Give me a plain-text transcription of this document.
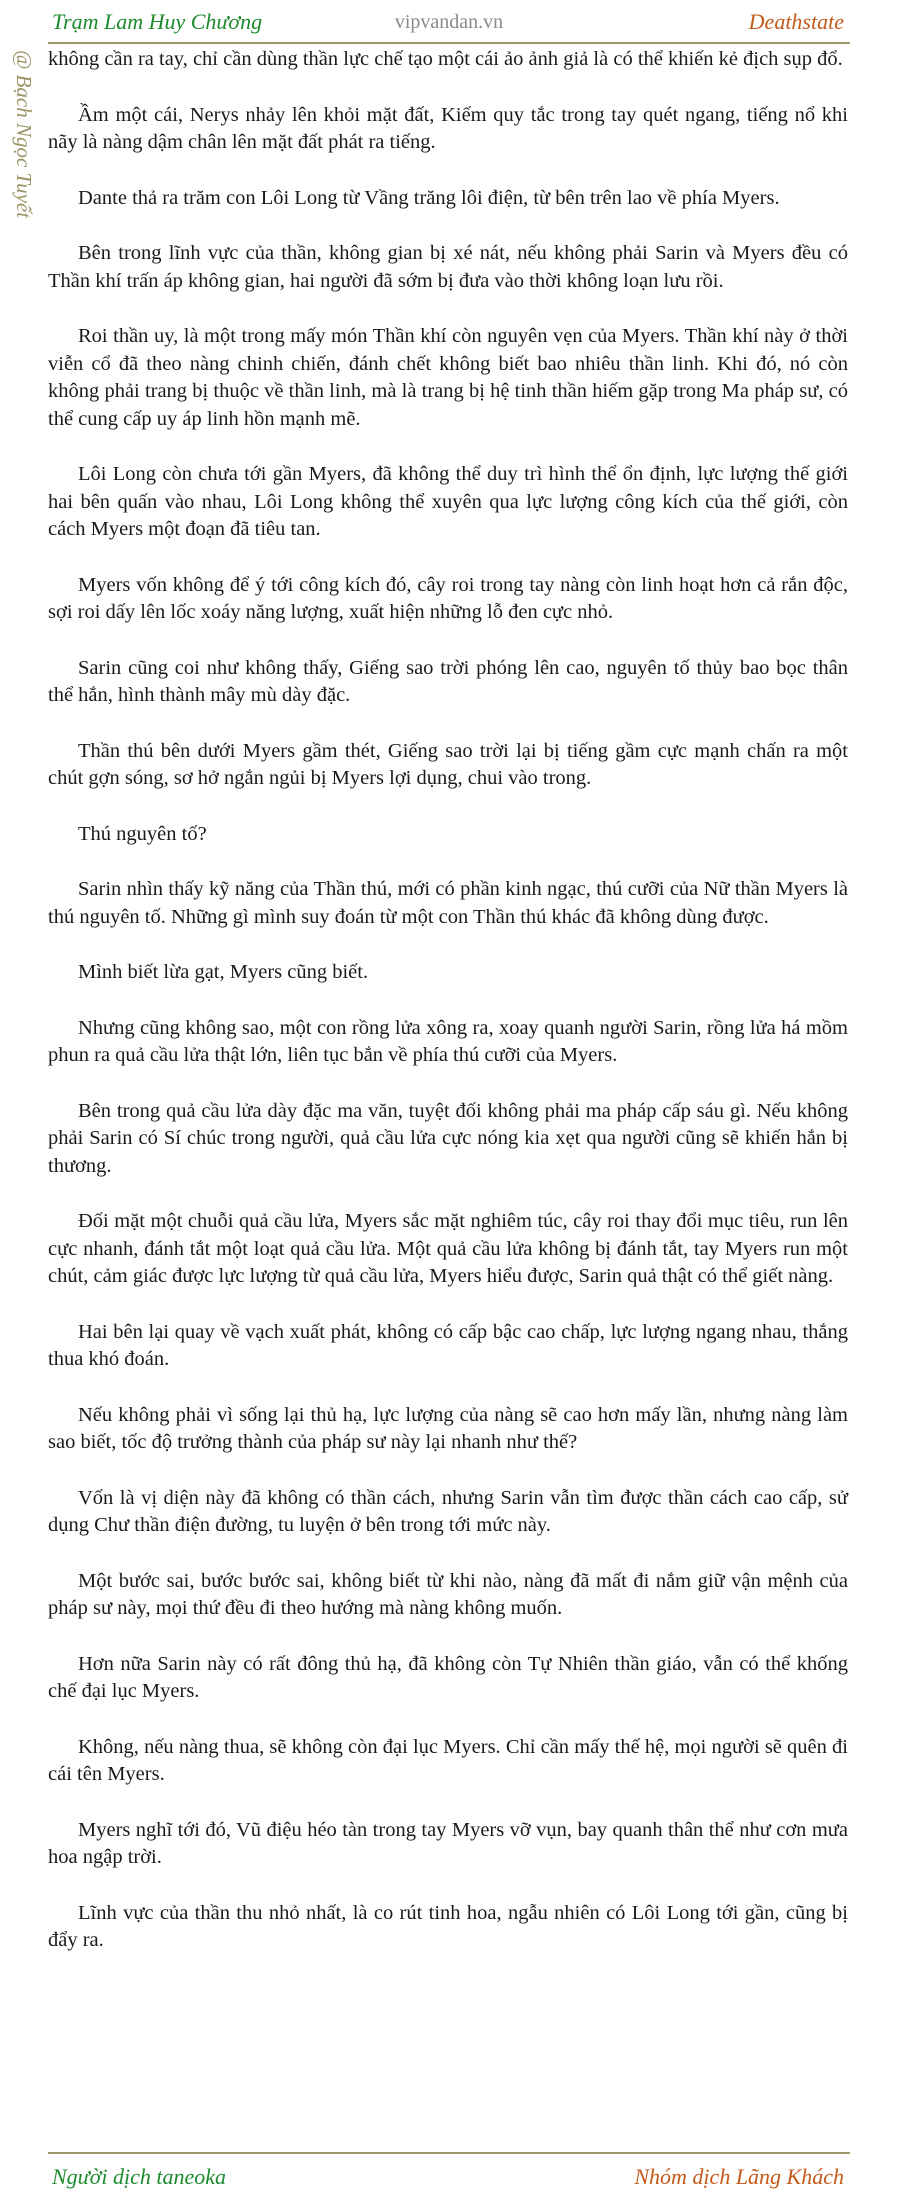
Trạm Lam Huy Chương	vipvandan.vn	Deathstate
@ Bạch Ngọc Tuyết không cần ra tay, chỉ cần dùng thần lực chế tạo một cái ảo ảnh giả là có thể khiến kẻ địch sụp đổ.

Ầm một cái, Nerys nhảy lên khỏi mặt đất, Kiếm quy tắc trong tay quét ngang, tiếng nổ khi nãy là nàng dậm chân lên mặt đất phát ra tiếng.

Dante thả ra trăm con Lôi Long từ Vầng trăng lôi điện, từ bên trên lao về phía Myers.

Bên trong lĩnh vực của thần, không gian bị xé nát, nếu không phải Sarin và Myers đều có Thần khí trấn áp không gian, hai người đã sớm bị đưa vào thời không loạn lưu rồi.

Roi thần uy, là một trong mấy món Thần khí còn nguyên vẹn của Myers. Thần khí này ở thời viễn cổ đã theo nàng chinh chiến, đánh chết không biết bao nhiêu thần linh. Khi đó, nó còn không phải trang bị thuộc về thần linh, mà là trang bị hệ tinh thần hiếm gặp trong Ma pháp sư, có thể cung cấp uy áp linh hồn mạnh mẽ.

Lôi Long còn chưa tới gần Myers, đã không thể duy trì hình thể ổn định, lực lượng thế giới hai bên quấn vào nhau, Lôi Long không thể xuyên qua lực lượng công kích của thế giới, còn cách Myers một đoạn đã tiêu tan.

Myers vốn không để ý tới công kích đó, cây roi trong tay nàng còn linh hoạt hơn cả rắn độc, sợi roi dấy lên lốc xoáy năng lượng, xuất hiện những lỗ đen cực nhỏ.

Sarin cũng coi như không thấy, Giếng sao trời phóng lên cao, nguyên tố thủy bao bọc thân thể hắn, hình thành mây mù dày đặc.

Thần thú bên dưới Myers gầm thét, Giếng sao trời lại bị tiếng gầm cực mạnh chấn ra một chút gợn sóng, sơ hở ngắn ngủi bị Myers lợi dụng, chui vào trong.

Thú nguyên tố?

Sarin nhìn thấy kỹ năng của Thần thú, mới có phần kinh ngạc, thú cưỡi của Nữ thần Myers là thú nguyên tố. Những gì mình suy đoán từ một con Thần thú khác đã không dùng được.

Mình biết lừa gạt, Myers cũng biết.

Nhưng cũng không sao, một con rồng lửa xông ra, xoay quanh người Sarin, rồng lửa há mồm phun ra quả cầu lửa thật lớn, liên tục bắn về phía thú cưỡi của Myers.

Bên trong quả cầu lửa dày đặc ma văn, tuyệt đối không phải ma pháp cấp sáu gì. Nếu không phải Sarin có Sí chúc trong người, quả cầu lửa cực nóng kia xẹt qua người cũng sẽ khiến hắn bị thương.

Đối mặt một chuỗi quả cầu lửa, Myers sắc mặt nghiêm túc, cây roi thay đổi mục tiêu, run lên cực nhanh, đánh tắt một loạt quả cầu lửa. Một quả cầu lửa không bị đánh tắt, tay Myers run một chút, cảm giác được lực lượng từ quả cầu lửa, Myers hiểu được, Sarin quả thật có thể giết nàng.

Hai bên lại quay về vạch xuất phát, không có cấp bậc cao chấp, lực lượng ngang nhau, thắng thua khó đoán.

Nếu không phải vì sống lại thủ hạ, lực lượng của nàng sẽ cao hơn mấy lần, nhưng nàng làm sao biết, tốc độ trưởng thành của pháp sư này lại nhanh như thế?

Vốn là vị diện này đã không có thần cách, nhưng Sarin vẫn tìm được thần cách cao cấp, sử dụng Chư thần điện đường, tu luyện ở bên trong tới mức này.

Một bước sai, bước bước sai, không biết từ khi nào, nàng đã mất đi nắm giữ vận mệnh của pháp sư này, mọi thứ đều đi theo hướng mà nàng không muốn.

Hơn nữa Sarin này có rất đông thủ hạ, đã không còn Tự Nhiên thần giáo, vẫn có thể khống chế đại lục Myers.

Không, nếu nàng thua, sẽ không còn đại lục Myers. Chỉ cần mấy thế hệ, mọi người sẽ quên đi cái tên Myers.

Myers nghĩ tới đó, Vũ điệu héo tàn trong tay Myers vỡ vụn, bay quanh thân thể như cơn mưa hoa ngập trời.

Lĩnh vực của thần thu nhỏ nhất, là co rút tinh hoa, ngẫu nhiên có Lôi Long tới gần, cũng bị đẩy ra.

Người dịch taneoka	Nhóm dịch Lãng Khách
